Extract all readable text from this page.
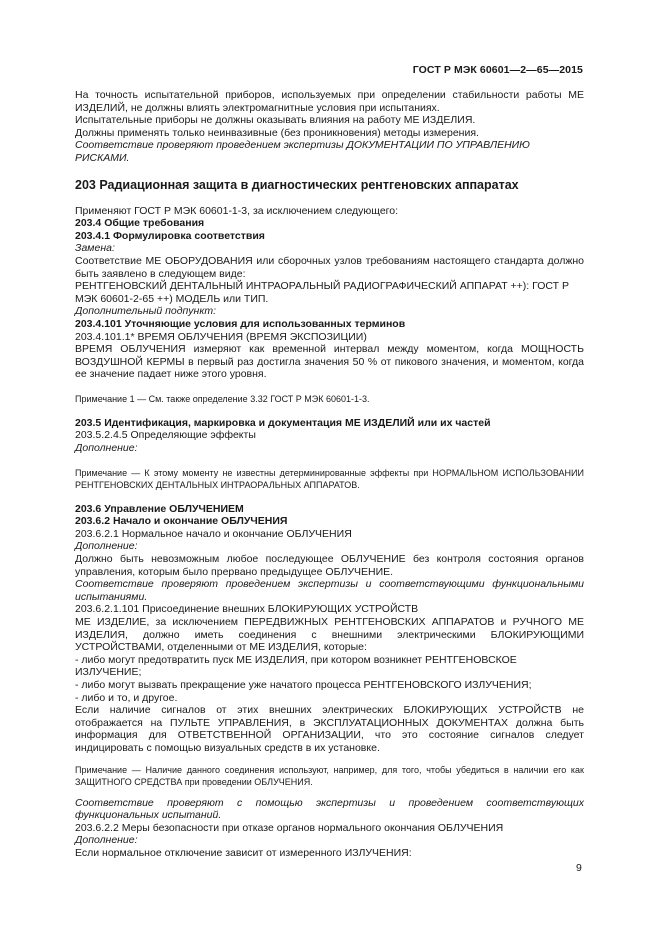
ГОСТ Р МЭК 60601—2—65—2015

На точность испытательной приборов, используемых при определении стабильности работы ME ИЗДЕЛИЙ, не должны влиять электромагнитные условия при испытаниях.

Испытательные приборы не должны оказывать влияния на работу ME ИЗДЕЛИЯ.

Должны применять только неинвазивные (без проникновения) методы измерения.

Соответствие проверяют проведением экспертизы ДОКУМЕНТАЦИИ ПО УПРАВЛЕНИЮ РИСКАМИ.

203 Радиационная защита в диагностических рентгеновских аппаратах

Применяют ГОСТ Р МЭК 60601-1-3, за исключением следующего:

203.4 Общие требования

203.4.1 Формулировка соответствия

Замена:

Соответствие ME ОБОРУДОВАНИЯ или сборочных узлов требованиям настоящего стандарта должно быть заявлено в следующем виде:

РЕНТГЕНОВСКИЙ ДЕНТАЛЬНЫЙ ИНТРАОРАЛЬНЫЙ РАДИОГРАФИЧЕСКИЙ АППАРАТ ++): ГОСТ Р МЭК 60601-2-65 ++) МОДЕЛЬ или ТИП.

Дополнительный подпункт:

203.4.101 Уточняющие условия для использованных терминов

203.4.101.1* ВРЕМЯ ОБЛУЧЕНИЯ (ВРЕМЯ ЭКСПОЗИЦИИ)

ВРЕМЯ ОБЛУЧЕНИЯ измеряют как временной интервал между моментом, когда МОЩНОСТЬ ВОЗДУШНОЙ КЕРМЫ в первый раз достигла значения 50 % от пикового значения, и моментом, когда ее значение падает ниже этого уровня.

Примечание 1 — См. также определение 3.32 ГОСТ Р МЭК 60601-1-3.

203.5 Идентификация, маркировка и документация ME ИЗДЕЛИЙ или их частей

203.5.2.4.5 Определяющие эффекты

Дополнение:

Примечание — К этому моменту не известны детерминированные эффекты при НОРМАЛЬНОМ ИСПОЛЬЗОВАНИИ РЕНТГЕНОВСКИХ ДЕНТАЛЬНЫХ ИНТРАОРАЛЬНЫХ АППАРАТОВ.

203.6 Управление ОБЛУЧЕНИЕМ

203.6.2 Начало и окончание ОБЛУЧЕНИЯ

203.6.2.1 Нормальное начало и окончание ОБЛУЧЕНИЯ

Дополнение:

Должно быть невозможным любое последующее ОБЛУЧЕНИЕ без контроля состояния органов управления, которым было прервано предыдущее ОБЛУЧЕНИЕ.

Соответствие проверяют проведением экспертизы и соответствующими функциональными испытаниями.

203.6.2.1.101 Присоединение внешних БЛОКИРУЮЩИХ УСТРОЙСТВ

ME ИЗДЕЛИЕ, за исключением ПЕРЕДВИЖНЫХ РЕНТГЕНОВСКИХ АППАРАТОВ и РУЧНОГО ME ИЗДЕЛИЯ, должно иметь соединения с внешними электрическими БЛОКИРУЮЩИМИ УСТРОЙСТВАМИ, отделенными от ME ИЗДЕЛИЯ, которые:

- либо могут предотвратить пуск ME ИЗДЕЛИЯ, при котором возникнет РЕНТГЕНОВСКОЕ ИЗЛУЧЕНИЕ;

- либо могут вызвать прекращение уже начатого процесса РЕНТГЕНОВСКОГО ИЗЛУЧЕНИЯ;

- либо и то, и другое.

Если наличие сигналов от этих внешних электрических БЛОКИРУЮЩИХ УСТРОЙСТВ не отображается на ПУЛЬТЕ УПРАВЛЕНИЯ, в ЭКСПЛУАТАЦИОННЫХ ДОКУМЕНТАХ должна быть информация для ОТВЕТСТВЕННОЙ ОРГАНИЗАЦИИ, что это состояние сигналов следует индицировать с помощью визуальных средств в их установке.

Примечание — Наличие данного соединения используют, например, для того, чтобы убедиться в наличии его как ЗАЩИТНОГО СРЕДСТВА при проведении ОБЛУЧЕНИЯ.

Соответствие проверяют с помощью экспертизы и проведением соответствующих функциональных испытаний.

203.6.2.2 Меры безопасности при отказе органов нормального окончания ОБЛУЧЕНИЯ

Дополнение:

Если нормальное отключение зависит от измеренного ИЗЛУЧЕНИЯ:

9
